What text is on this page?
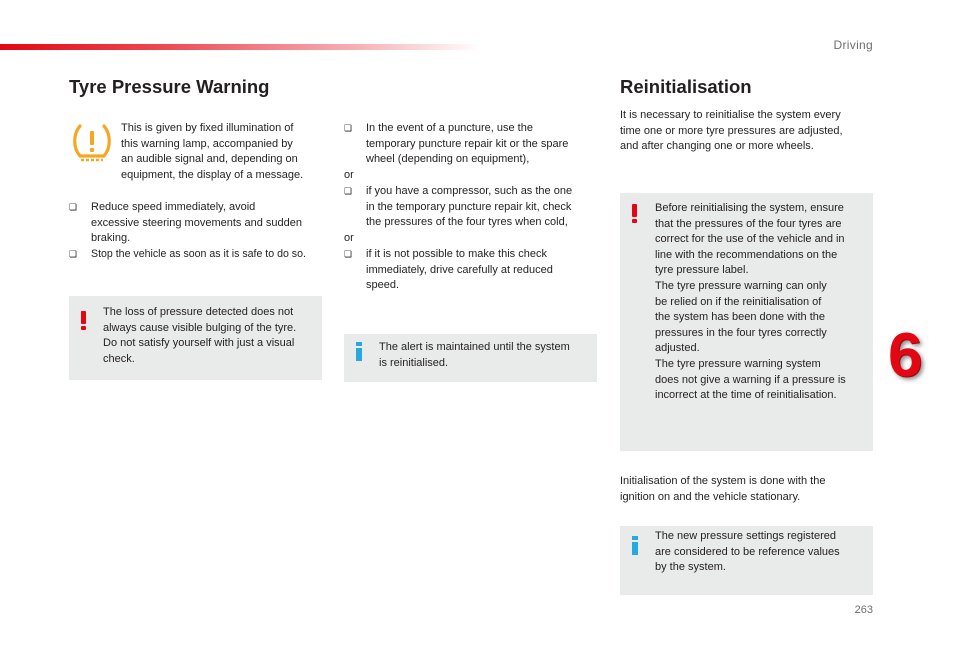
Driving
6
263
Tyre Pressure Warning
This is given by fixed illumination of
this warning lamp, accompanied by
an audible signal and, depending on
equipment, the display of a message.
❏ Reduce speed immediately, avoid
excessive steering movements and sudden
braking.
❏ Stop the vehicle as soon as it is safe to do so.
The loss of pressure detected does not
always cause visible bulging of the tyre.
Do not satisfy yourself with just a visual
check.
❏ In the event of a puncture, use the
temporary puncture repair kit or the spare
wheel (depending on equipment),
or
❏ if you have a compressor, such as the one
in the temporary puncture repair kit, check
the pressures of the four tyres when cold,
or
❏ if it is not possible to make this check
immediately, drive carefully at reduced
speed.
The alert is maintained until the system
is reinitialised.
Reinitialisation
It is necessary to reinitialise the system every
time one or more tyre pressures are adjusted,
and after changing one or more wheels.
Before reinitialising the system, ensure
that the pressures of the four tyres are
correct for the use of the vehicle and in
line with the recommendations on the
tyre pressure label.
The tyre pressure warning can only
be relied on if the reinitialisation of
the system has been done with the
pressures in the four tyres correctly
adjusted.
The tyre pressure warning system
does not give a warning if a pressure is
incorrect at the time of reinitialisation.
Initialisation of the system is done with the
ignition on and the vehicle stationary.
The new pressure settings registered
are considered to be reference values
by the system.
